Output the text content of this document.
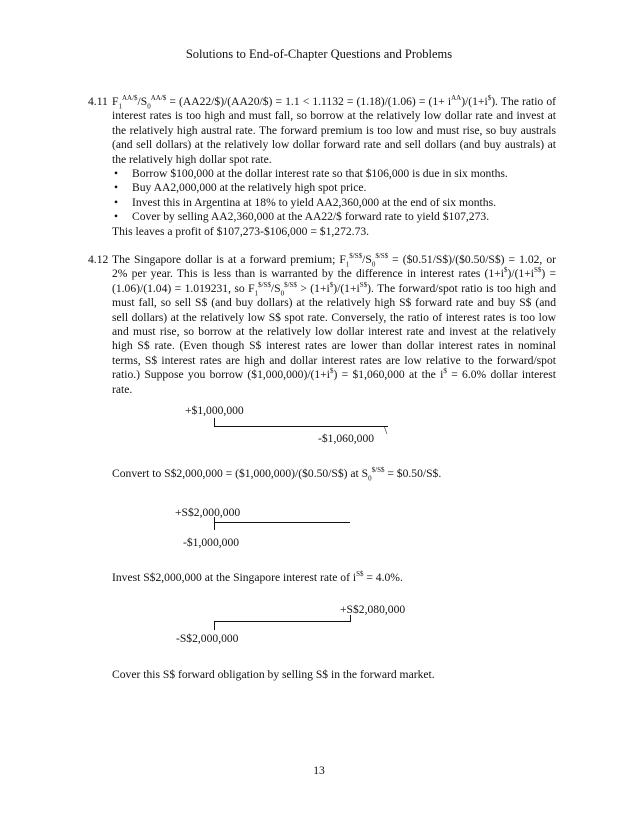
Solutions to End-of-Chapter Questions and Problems
4.11 $F_1^{AA/\$}/S_0^{AA/\$}$ = (AA22/$)/(AA20/$) = $1.1 < 1.1132 = (1.18)/(1.06) = (1+ i^{AA})/(1+i^{\$})$. The ratio of interest rates is too high and must fall, so borrow at the relatively low dollar rate and invest at the relatively high austral rate. The forward premium is too low and must rise, so buy australs (and sell dollars) at the relatively low dollar forward rate and sell dollars (and buy australs) at the relatively high dollar spot rate.

• Borrow $100,000 at the dollar interest rate so that $106,000 is due in six months.
• Buy AA2,000,000 at the relatively high spot price.
• Invest this in Argentina at 18% to yield AA2,360,000 at the end of six months.
• Cover by selling AA2,360,000 at the AA22/$ forward rate to yield $107,273.

This leaves a profit of $107,273-$106,000 = $1,272.73.

4.12 The Singapore dollar is at a forward premium; $F_1^{\$/S\$}/S_0^{\$/S\$}$ = ($0.51/S$)/($0.50/S$) = 1.02, or 2% per year. This is less than is warranted by the difference in interest rates $(1+i^{\$})/(1+i^{S\$}) = (1.06)/(1.04) = 1.019231$, so $F_1^{\$/S\$}/S_0^{\$/S\$} > (1+i^{\$})/(1+i^{S\$})$. The forward/spot ratio is too high and must fall, so sell S$ (and buy dollars) at the relatively high S$ forward rate and buy S$ (and sell dollars) at the relatively low S$ spot rate. Conversely, the ratio of interest rates is too low and must rise, so borrow at the relatively low dollar interest rate and invest at the relatively high S$ rate. (Even though S$ interest rates are lower than dollar interest rates in nominal terms, S$ interest rates are high and dollar interest rates are low relative to the forward/spot ratio.) Suppose you borrow ($1,000,000)/(1+i$) = $1,060,000 at the i$ = 6.0% dollar interest rate.

+$1,000,000
\
-$1,060,000
Convert to S$2,000,000 = ($1,000,000)/($0.50/S$) at $S_0^{\$/S\$}$ = $0.50/S$.
+S$2,000,000
-$1,000,000
Invest S$2,000,000 at the Singapore interest rate of $i^{S\$} = 4.0\%$.
+S$2,080,000
-S$2,000,000
Cover this S$ forward obligation by selling S$ in the forward market.
13
